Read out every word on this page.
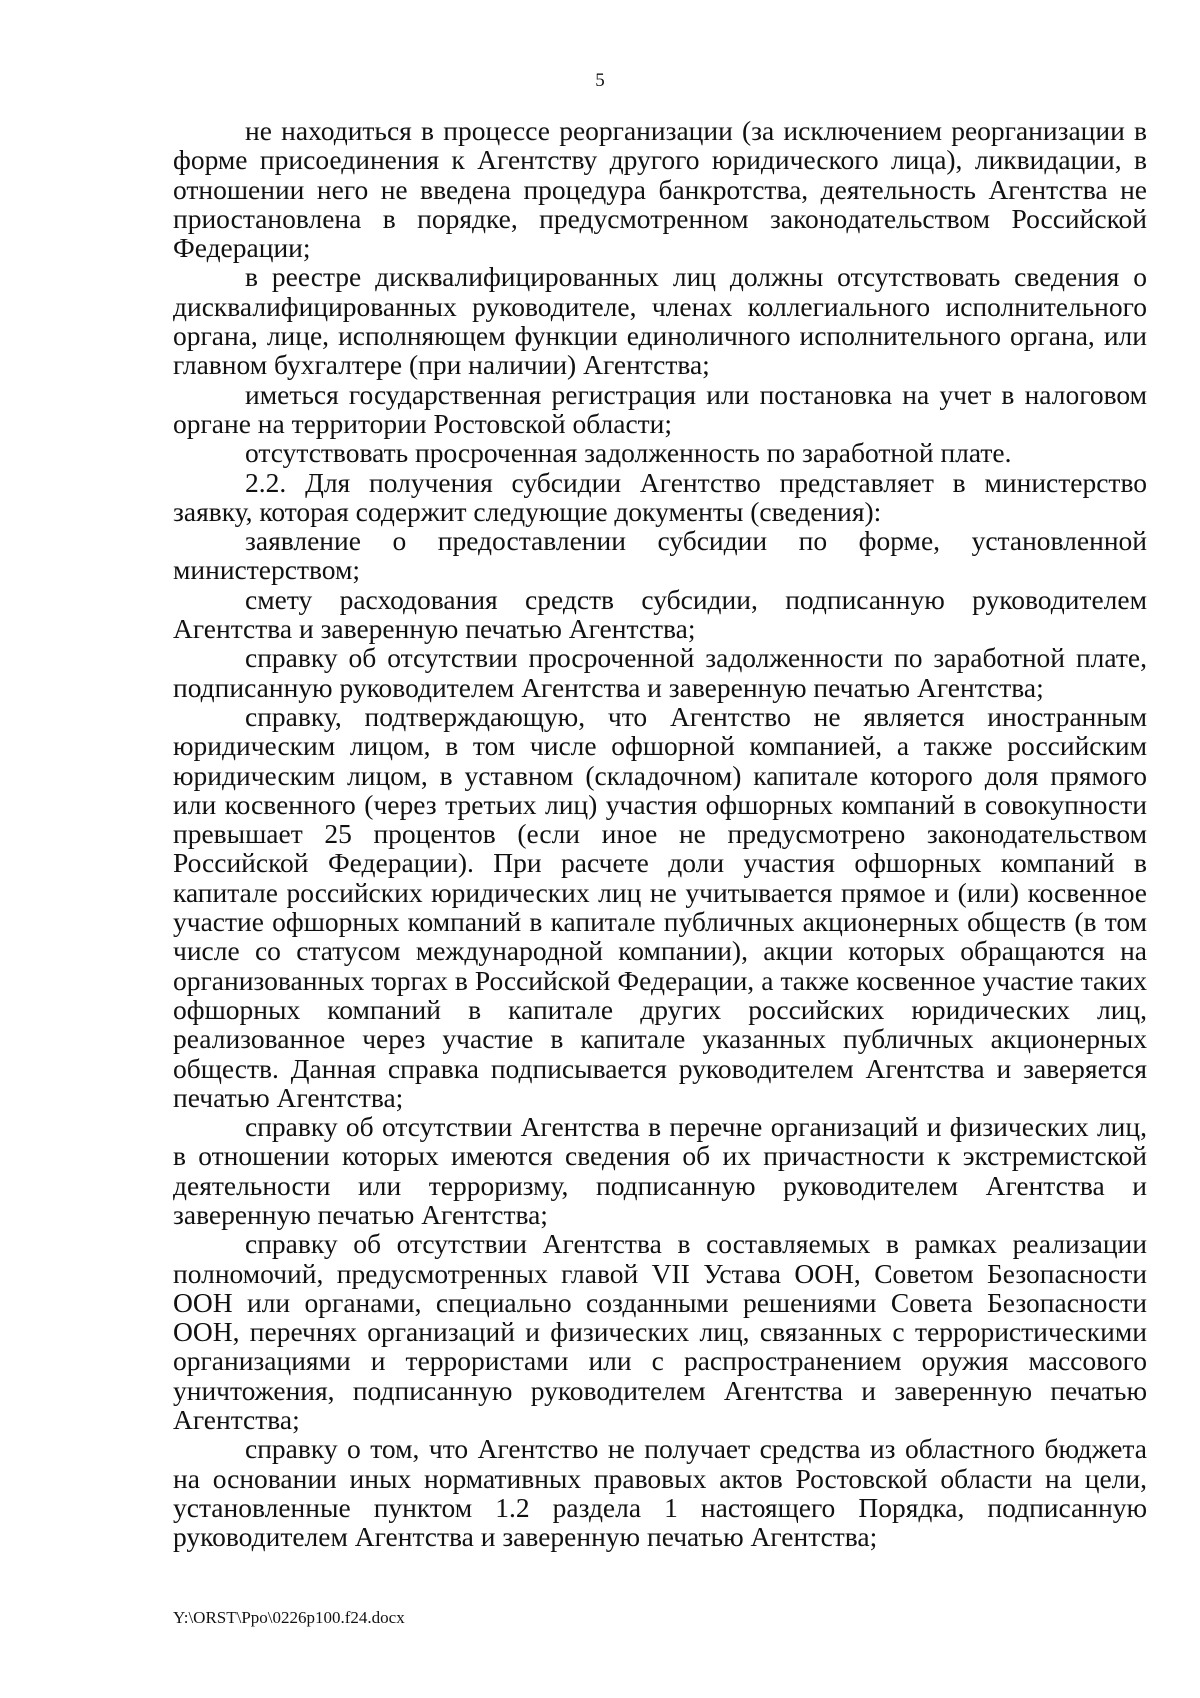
5

не находиться в процессе реорганизации (за исключением реорганизации в форме присоединения к Агентству другого юридического лица), ликвидации, в отношении него не введена процедура банкротства, деятельность Агентства не приостановлена в порядке, предусмотренном законодательством Российской Федерации;

в реестре дисквалифицированных лиц должны отсутствовать сведения о дисквалифицированных руководителе, членах коллегиального исполнительного органа, лице, исполняющем функции единоличного исполнительного органа, или главном бухгалтере (при наличии) Агентства;

иметься государственная регистрация или постановка на учет в налоговом органе на территории Ростовской области;

отсутствовать просроченная задолженность по заработной плате.

2.2. Для получения субсидии Агентство представляет в министерство заявку, которая содержит следующие документы (сведения):

заявление о предоставлении субсидии по форме, установленной министерством;

смету расходования средств субсидии, подписанную руководителем Агентства и заверенную печатью Агентства;

справку об отсутствии просроченной задолженности по заработной плате, подписанную руководителем Агентства и заверенную печатью Агентства;

справку, подтверждающую, что Агентство не является иностранным юридическим лицом, в том числе офшорной компанией, а также российским юридическим лицом, в уставном (складочном) капитале которого доля прямого или косвенного (через третьих лиц) участия офшорных компаний в совокупности превышает 25 процентов (если иное не предусмотрено законодательством Российской Федерации). При расчете доли участия офшорных компаний в капитале российских юридических лиц не учитывается прямое и (или) косвенное участие офшорных компаний в капитале публичных акционерных обществ (в том числе со статусом международной компании), акции которых обращаются на организованных торгах в Российской Федерации, а также косвенное участие таких офшорных компаний в капитале других российских юридических лиц, реализованное через участие в капитале указанных публичных акционерных обществ. Данная справка подписывается руководителем Агентства и заверяется печатью Агентства;

справку об отсутствии Агентства в перечне организаций и физических лиц, в отношении которых имеются сведения об их причастности к экстремистской деятельности или терроризму, подписанную руководителем Агентства и заверенную печатью Агентства;

справку об отсутствии Агентства в составляемых в рамках реализации полномочий, предусмотренных главой VII Устава ООН, Советом Безопасности ООН или органами, специально созданными решениями Совета Безопасности ООН, перечнях организаций и физических лиц, связанных с террористическими организациями и террористами или с распространением оружия массового уничтожения, подписанную руководителем Агентства и заверенную печатью Агентства;

справку о том, что Агентство не получает средства из областного бюджета на основании иных нормативных правовых актов Ростовской области на цели, установленные пунктом 1.2 раздела 1 настоящего Порядка, подписанную руководителем Агентства и заверенную печатью Агентства;

Y:\ORST\Ppo\0226p100.f24.docx
